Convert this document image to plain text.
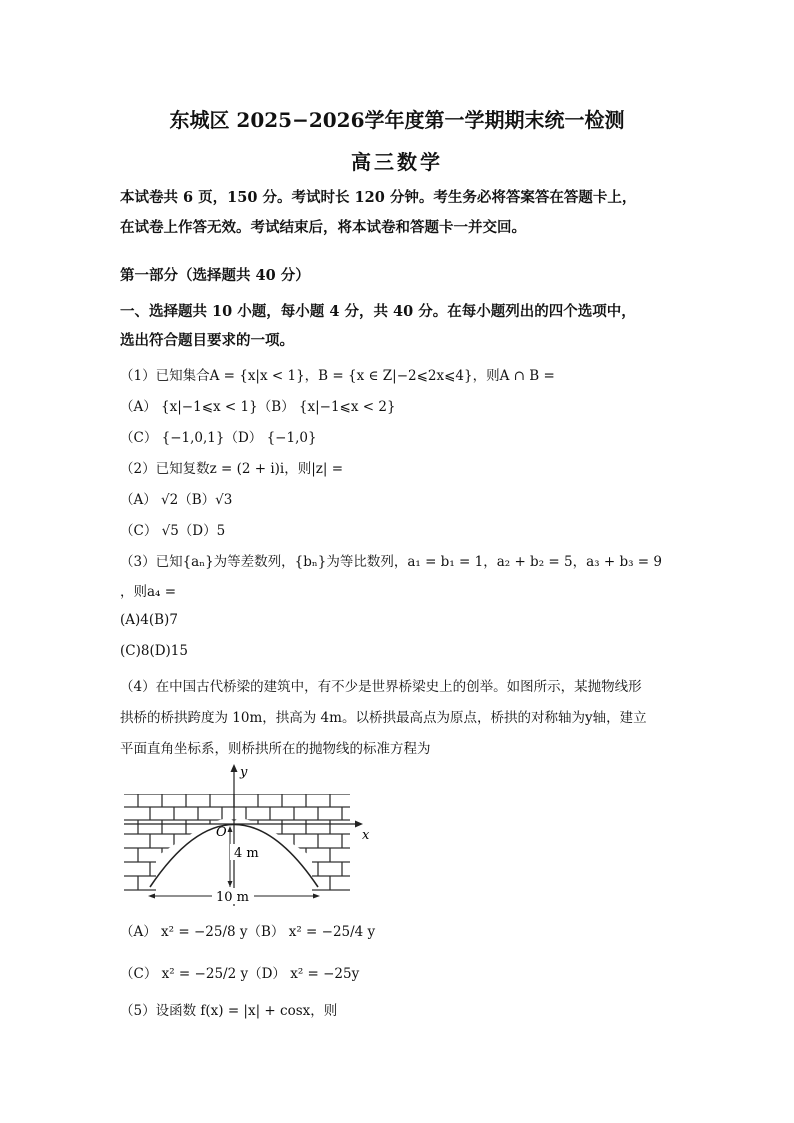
东城区 2025−2026学年度第一学期期末统一检测
高三数学
本试卷共 6 页，150 分。考试时长 120 分钟。考生务必将答案答在答题卡上，
在试卷上作答无效。考试结束后，将本试卷和答题卡一并交回。
第一部分（选择题共 40 分）
一、选择题共 10 小题，每小题 4 分，共 40 分。在每小题列出的四个选项中，
选出符合题目要求的一项。
（1）已知集合A = {x|x < 1}，B = {x ∈ Z|−2⩽2x⩽4}，则A ∩ B =
（A） {x|−1⩽x < 1}（B） {x|−1⩽x < 2}
（C） {−1,0,1}（D） {−1,0}
（2）已知复数z = (2 + i)i，则|z| =
（A） √2（B）√3
（C） √5（D）5
（3）已知{aₙ}为等差数列，{bₙ}为等比数列，a₁ = b₁ = 1，a₂ + b₂ = 5，a₃ + b₃ = 9
，则a₄ =
(A)4(B)7
(C)8(D)15
（4）在中国古代桥梁的建筑中，有不少是世界桥梁史上的创举。如图所示，某抛物线形
拱桥的桥拱跨度为 10m，拱高为 4m。以桥拱最高点为原点，桥拱的对称轴为y轴，建立
平面直角坐标系，则桥拱所在的抛物线的标准方程为
y
x
O
4 m
10 m
（A） x² = −25/8 y（B） x² = −25/4 y
（C） x² = −25/2 y（D） x² = −25y
（5）设函数 f(x) = |x| + cosx，则
